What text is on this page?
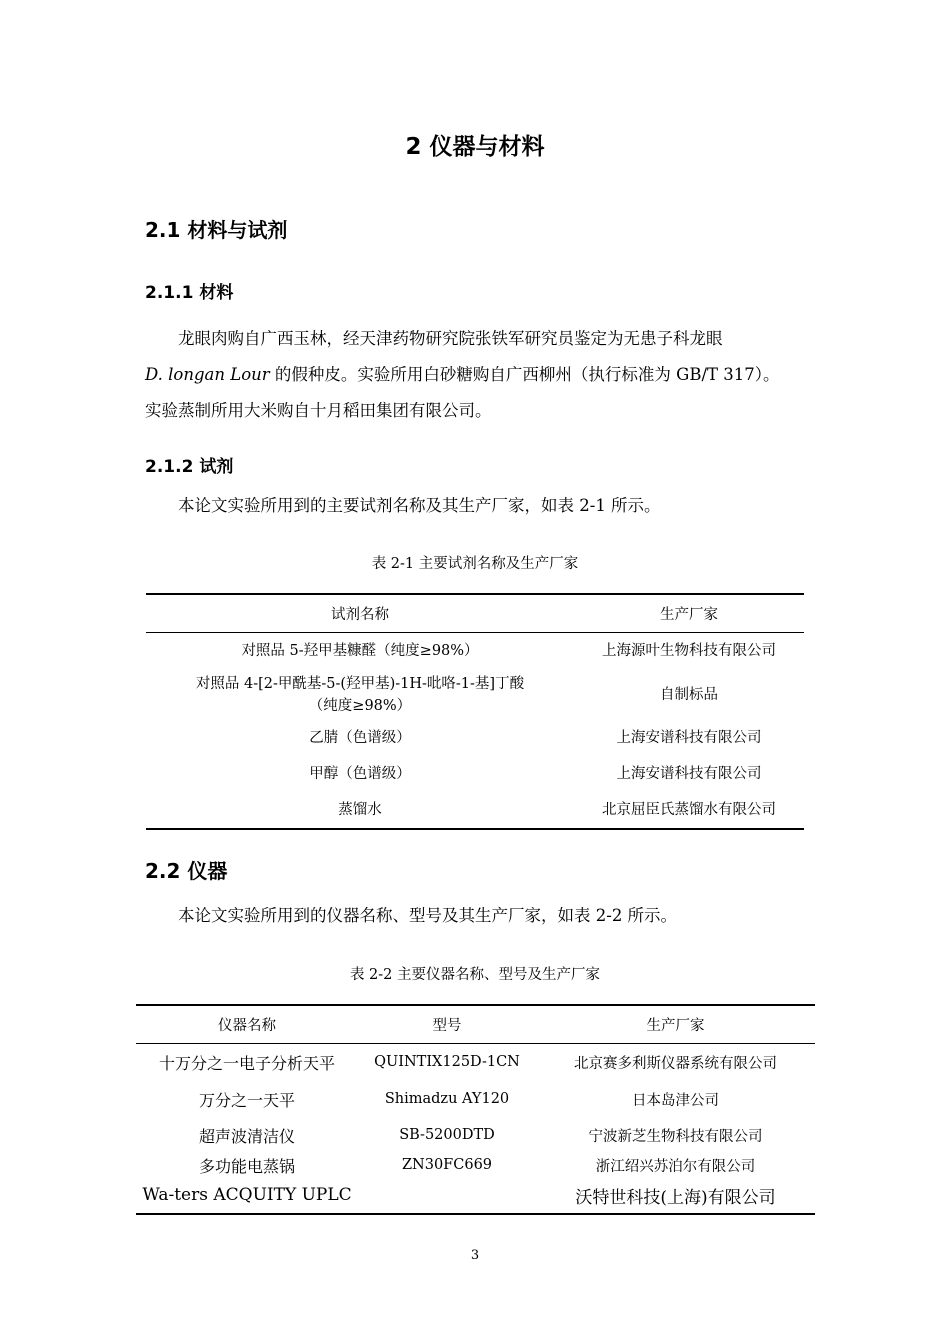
2 仪器与材料
2.1 材料与试剂
2.1.1 材料

龙眼肉购自广西玉林，经天津药物研究院张铁军研究员鉴定为无患子科龙眼

D. longan Lour 的假种皮。实验所用白砂糖购自广西柳州（执行标准为 GB/T 317）。

实验蒸制所用大米购自十月稻田集团有限公司。

2.1.2 试剂

本论文实验所用到的主要试剂名称及其生产厂家，如表 2-1 所示。

表 2-1 主要试剂名称及生产厂家
试剂名称	生产厂家
对照品 5-羟甲基糠醛（纯度≥98%）	上海源叶生物科技有限公司

对照品 4-[2-甲酰基-5-(羟甲基)-1H-吡咯-1-基]丁酸
（纯度≥98%）	自制标品
乙腈（色谱级）	上海安谱科技有限公司
甲醇（色谱级）	上海安谱科技有限公司
蒸馏水	北京屈臣氏蒸馏水有限公司
2.2 仪器

本论文实验所用到的仪器名称、型号及其生产厂家，如表 2-2 所示。

表 2-2 主要仪器名称、型号及生产厂家
仪器名称	型号	生产厂家
十万分之一电子分析天平	QUINTIX125D-1CN	北京赛多利斯仪器系统有限公司
万分之一天平	Shimadzu AY120	日本岛津公司
超声波清洁仪	SB-5200DTD	宁波新芝生物科技有限公司
多功能电蒸锅	ZN30FC669	浙江绍兴苏泊尔有限公司
Wa-ters ACQUITY UPLC		沃特世科技(上海)有限公司
3
